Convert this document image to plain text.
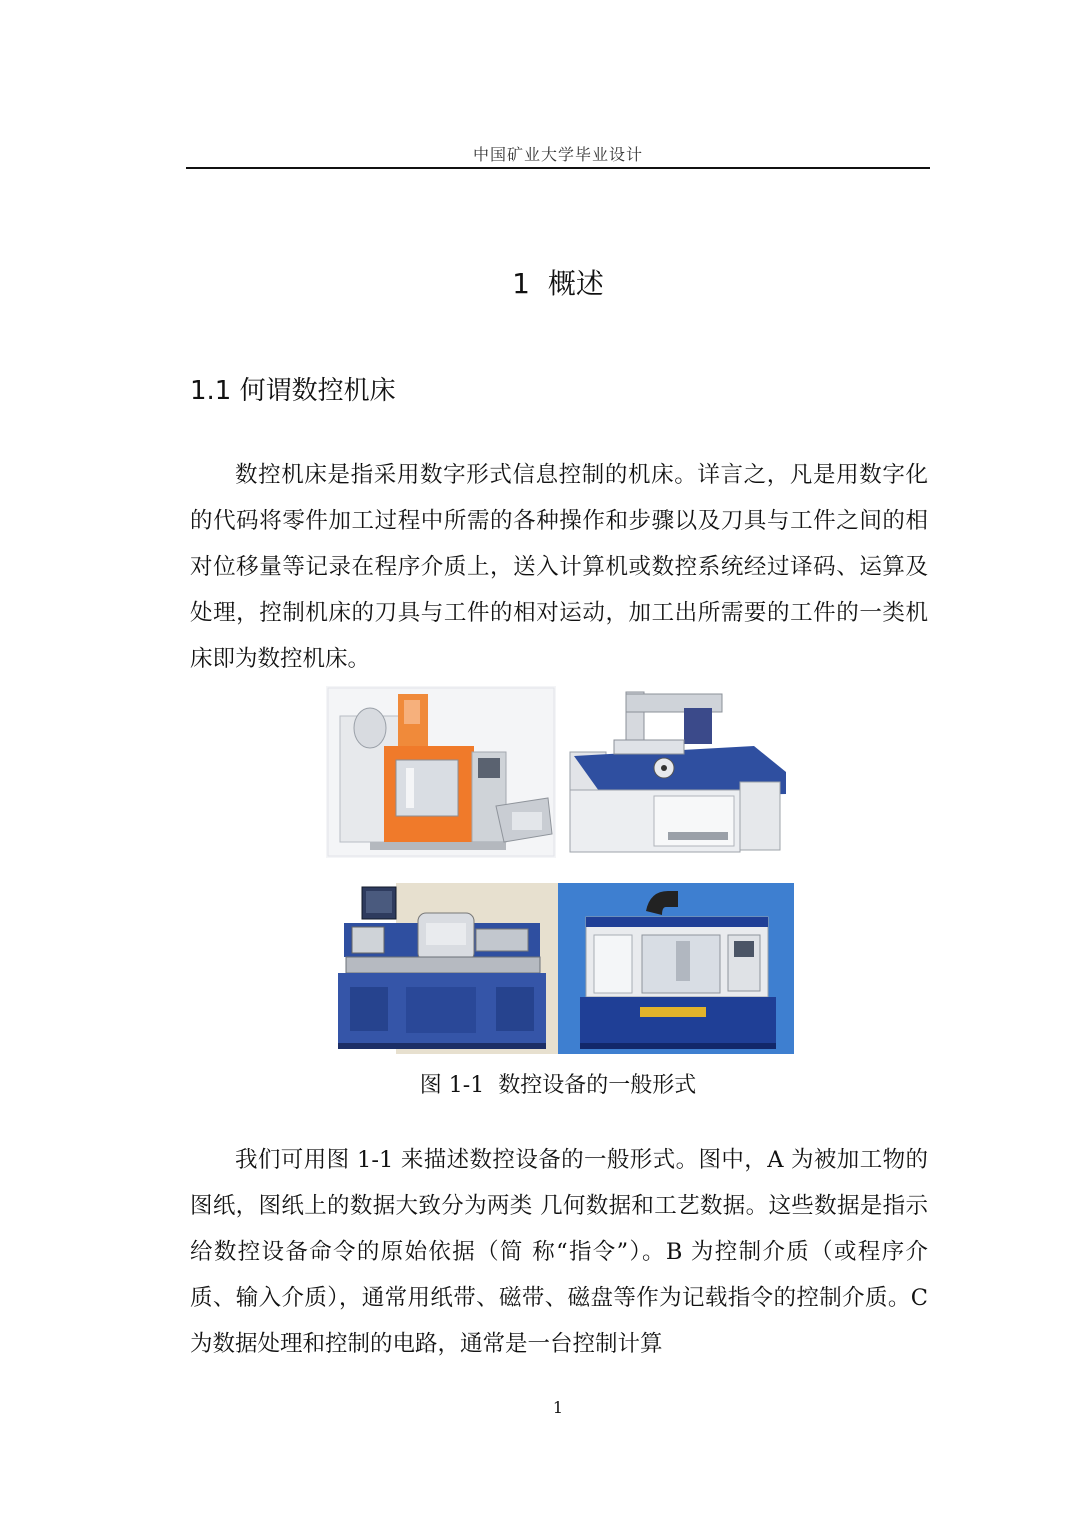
中国矿业大学毕业设计
1 概述
1.1 何谓数控机床

数控机床是指采用数字形式信息控制的机床。详言之，凡是用数字化的代码将零件加工过程中所需的各种操作和步骤以及刀具与工件之间的相对位移量等记录在程序介质上，送入计算机或数控系统经过译码、运算及处理，控制机床的刀具与工件的相对运动，加工出所需要的工件的一类机床即为数控机床。

图 1-1 数控设备的一般形式

我们可用图 1-1 来描述数控设备的一般形式。图中，A 为被加工物的图纸，图纸上的数据大致分为两类 几何数据和工艺数据。这些数据是指示给数控设备命令的原始依据（简 称“指令”）。B 为控制介质（或程序介质、输入介质），通常用纸带、磁带、磁盘等作为记载指令的控制介质。C 为数据处理和控制的电路，通常是一台控制计算

1
